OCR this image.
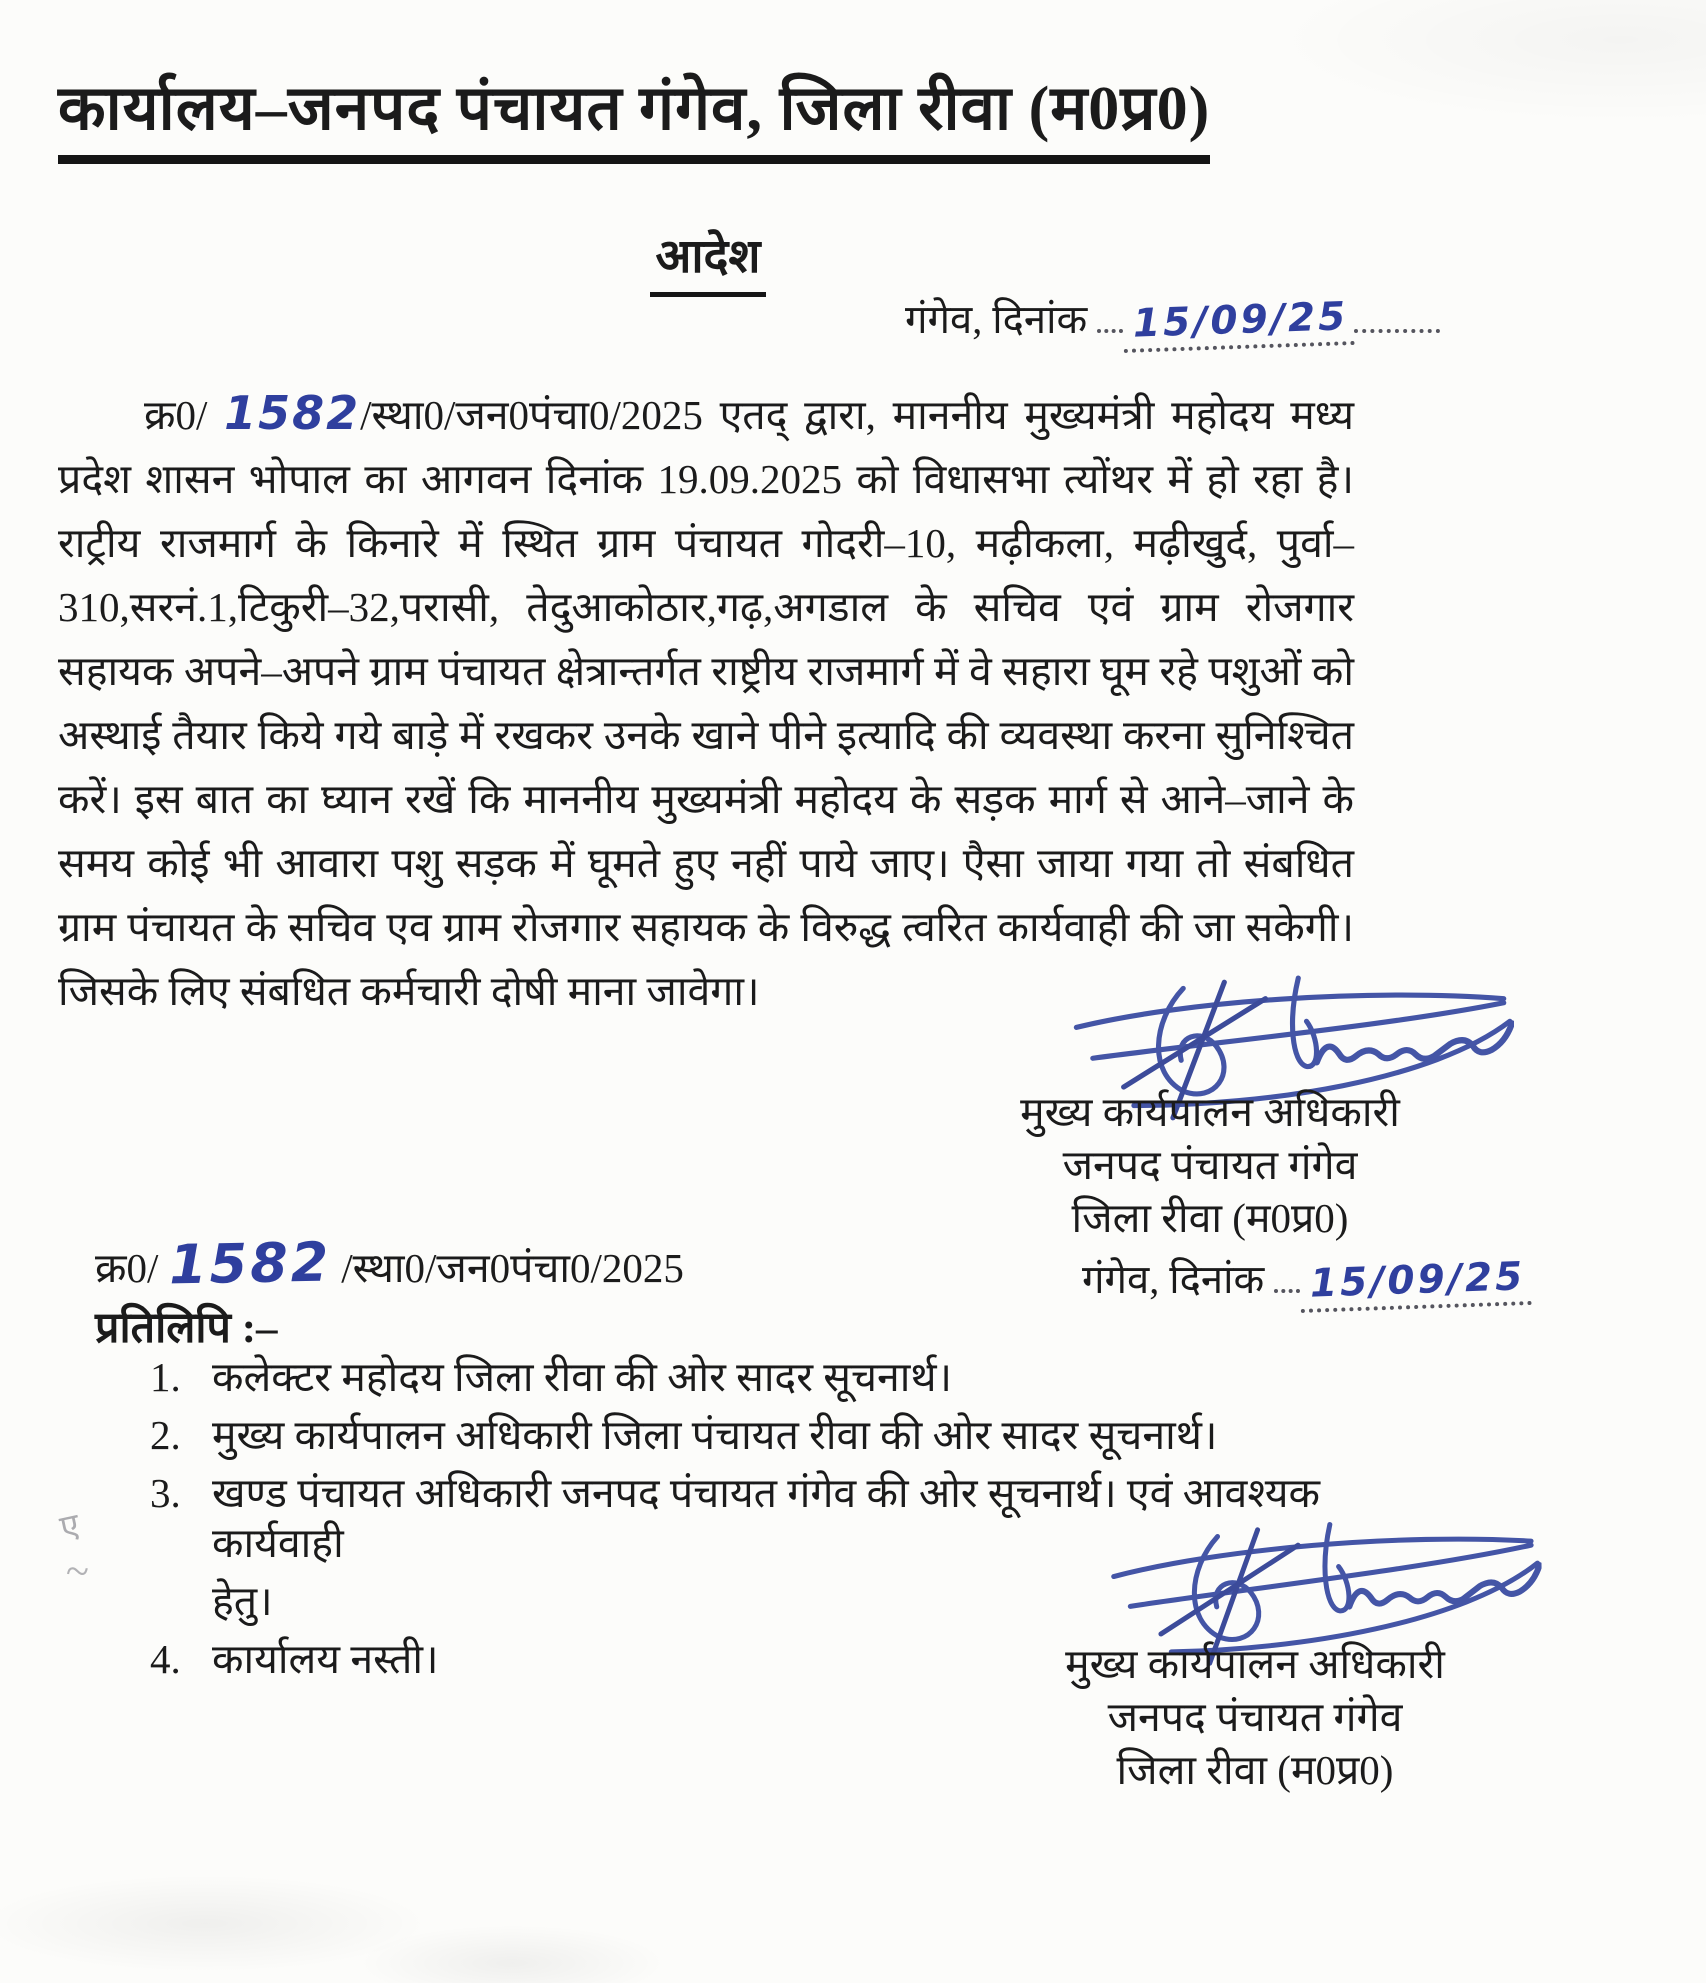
कार्यालय–जनपद पंचायत गंगेव, जिला रीवा (म0प्र0)
आदेश
गंगेव, दिनांक 15/09/25

क्र0/ 1582/स्था0/जन0पंचा0/2025 एतद् द्वारा, माननीय मुख्यमंत्री महोदय मध्य प्रदेश शासन भोपाल का आगवन दिनांक 19.09.2025 को विधासभा त्योंथर में हो रहा है। राट्रीय राजमार्ग के किनारे में स्थित ग्राम पंचायत गोदरी–10, मढ़ीकला, मढ़ीखुर्द, पुर्वा–310,सरनं.1,टिकुरी–32,परासी, तेदुआकोठार,गढ़,अगडाल के सचिव एवं ग्राम रोजगार सहायक अपने–अपने ग्राम पंचायत क्षेत्रान्तर्गत राष्ट्रीय राजमार्ग में वे सहारा घूम रहे पशुओं को अस्थाई तैयार किये गये बाड़े में रखकर उनके खाने पीने इत्यादि की व्यवस्था करना सुनिश्चित करें। इस बात का घ्यान रखें कि माननीय मुख्यमंत्री महोदय के सड़क मार्ग से आने–जाने के समय कोई भी आवारा पशु सड़क में घूमते हुए नहीं पाये जाए। एैसा जाया गया तो संबधित ग्राम पंचायत के सचिव एव ग्राम रोजगार सहायक के विरुद्ध त्वरित कार्यवाही की जा सकेगी। जिसके लिए संबधित कर्मचारी दोषी माना जावेगा।

मुख्य कार्यपालन अधिकारी
जनपद पंचायत गंगेव
जिला रीवा (म0प्र0)
गंगेव, दिनांक 15/09/25
क्र0/ 1582 /स्था0/जन0पंचा0/2025
प्रतिलिपि :–
1. कलेक्टर महोदय जिला रीवा की ओर सादर सूचनार्थ।
2. मुख्य कार्यपालन अधिकारी जिला पंचायत रीवा की ओर सादर सूचनार्थ।
3. खण्ड पंचायत अधिकारी जनपद पंचायत गंगेव की ओर सूचनार्थ। एवं आवश्यक कार्यवाही
हेतु।
4. कार्यालय नस्ती।
ए
~
मुख्य कार्यपालन अधिकारी
जनपद पंचायत गंगेव
जिला रीवा (म0प्र0)
